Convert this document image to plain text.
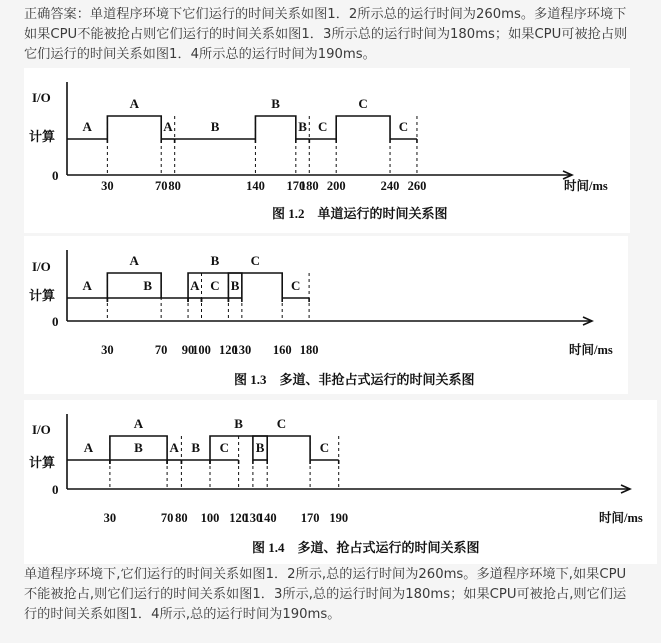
正确答案：单道程序环境下它们运行的时间关系如图1．2所示总的运行时间为260ms。多道程序环境下如果CPU不能被抢占则它们运行的时间关系如图1．3所示总的运行时间为180ms；如果CPU可被抢占则它们运行的时间关系如图1．4所示总的运行时间为190ms。

I/O
计算
0
时间/ms
30	70 80	140 170
180 200	240 260
A	A	B	B C	C
A	B	C
图 1.2　单道运行的时间关系图
I/O
计算
0
时间/ms
30	70 90
100 120
130 160 180
A	B	A C B	C
A	B C
图 1.3　多道、非抢占式运行的时间关系图
I/O
计算
0
时间/ms
30	70 80 100 120
130
140 170 190
A	B A B C B	C
A	B	C
图 1.4　多道、抢占式运行的时间关系图

单道程序环境下,它们运行的时间关系如图1．2所示,总的运行时间为260ms。多道程序环境下,如果CPU不能被抢占,则它们运行的时间关系如图1．3所示,总的运行时间为180ms；如果CPU可被抢占,则它们运行的时间关系如图1．4所示,总的运行时间为190ms。
